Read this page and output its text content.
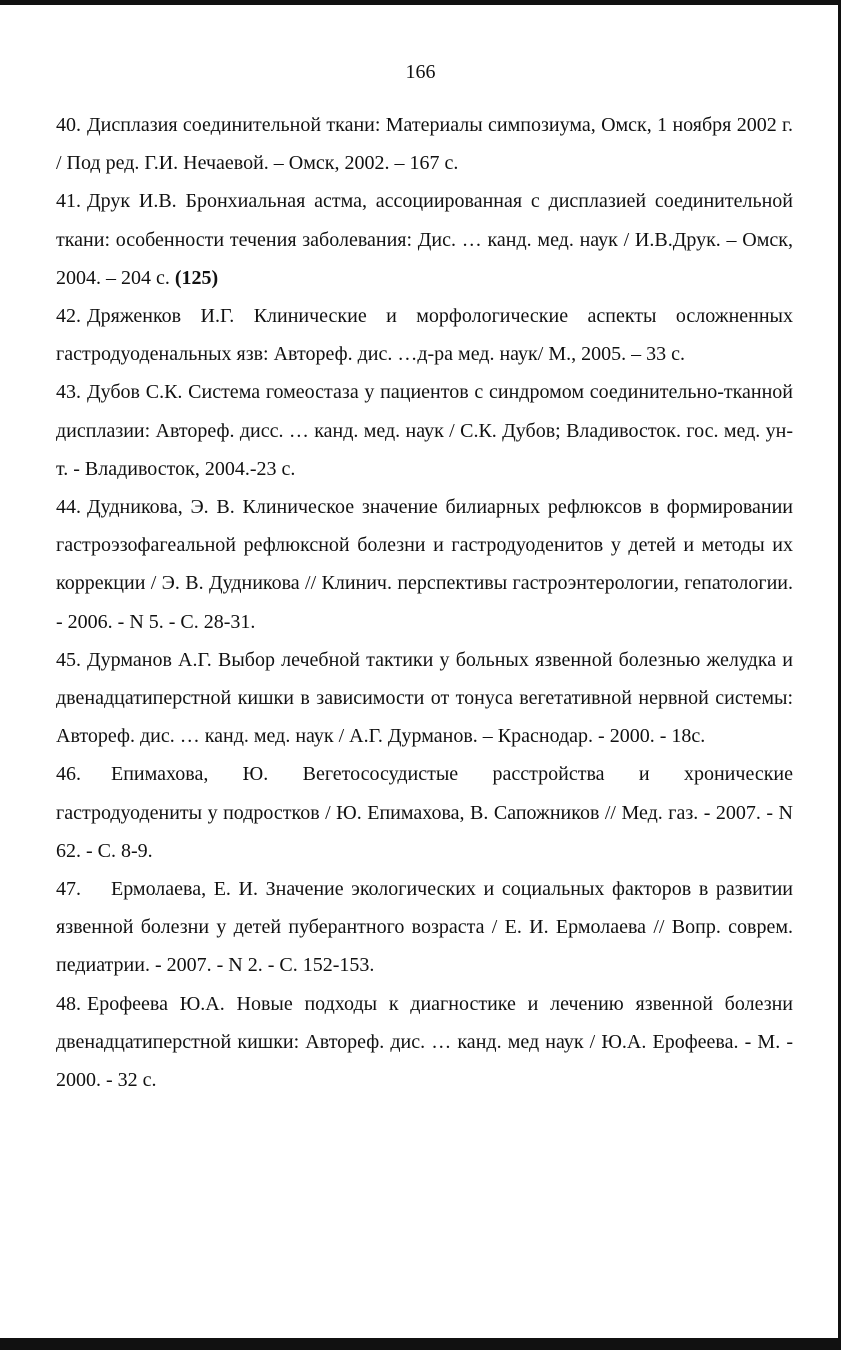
166

40. Дисплазия соединительной ткани: Материалы симпозиума, Омск, 1 ноября 2002 г. / Под ред. Г.И. Нечаевой. – Омск, 2002. – 167 с.

41. Друк И.В. Бронхиальная астма, ассоциированная с дисплазией соединительной ткани: особенности течения заболевания: Дис. … канд. мед. наук / И.В.Друк. – Омск, 2004. – 204 с. (125)

42. Дряженков И.Г. Клинические и морфологические аспекты осложненных гастродуоденальных язв: Автореф. дис. …д-ра мед. наук/ М., 2005. – 33 с.

43. Дубов С.К. Система гомеостаза у пациентов с синдромом соединительно-тканной дисплазии: Автореф. дисс. … канд. мед. наук / С.К. Дубов; Владивосток. гос. мед. ун-т. - Владивосток, 2004.-23 с.

44. Дудникова, Э. В. Клиническое значение билиарных рефлюксов в формировании гастроэзофагеальной рефлюксной болезни и гастродуоденитов у детей и методы их коррекции / Э. В. Дудникова // Клинич. перспективы гастроэнтерологии, гепатологии. - 2006. - N 5. - С. 28-31.

45. Дурманов А.Г. Выбор лечебной тактики у больных язвенной болезнью желудка и двенадцатиперстной кишки в зависимости от тонуса вегетативной нервной системы: Автореф. дис. … канд. мед. наук / А.Г. Дурманов. – Краснодар. - 2000. - 18с.

46. Епимахова, Ю. Вегетососудистые расстройства и хронические гастродуодениты у подростков / Ю. Епимахова, В. Сапожников // Мед. газ. - 2007. - N 62. - С. 8-9.

47. Ермолаева, Е. И. Значение экологических и социальных факторов в развитии язвенной болезни у детей пуберантного возраста / Е. И. Ермолаева // Вопр. соврем. педиатрии. - 2007. - N 2. - С. 152-153.

48. Ерофеева Ю.А. Новые подходы к диагностике и лечению язвенной болезни двенадцатиперстной кишки: Автореф. дис. … канд. мед наук / Ю.А. Ерофеева. - М. - 2000. - 32 с.
